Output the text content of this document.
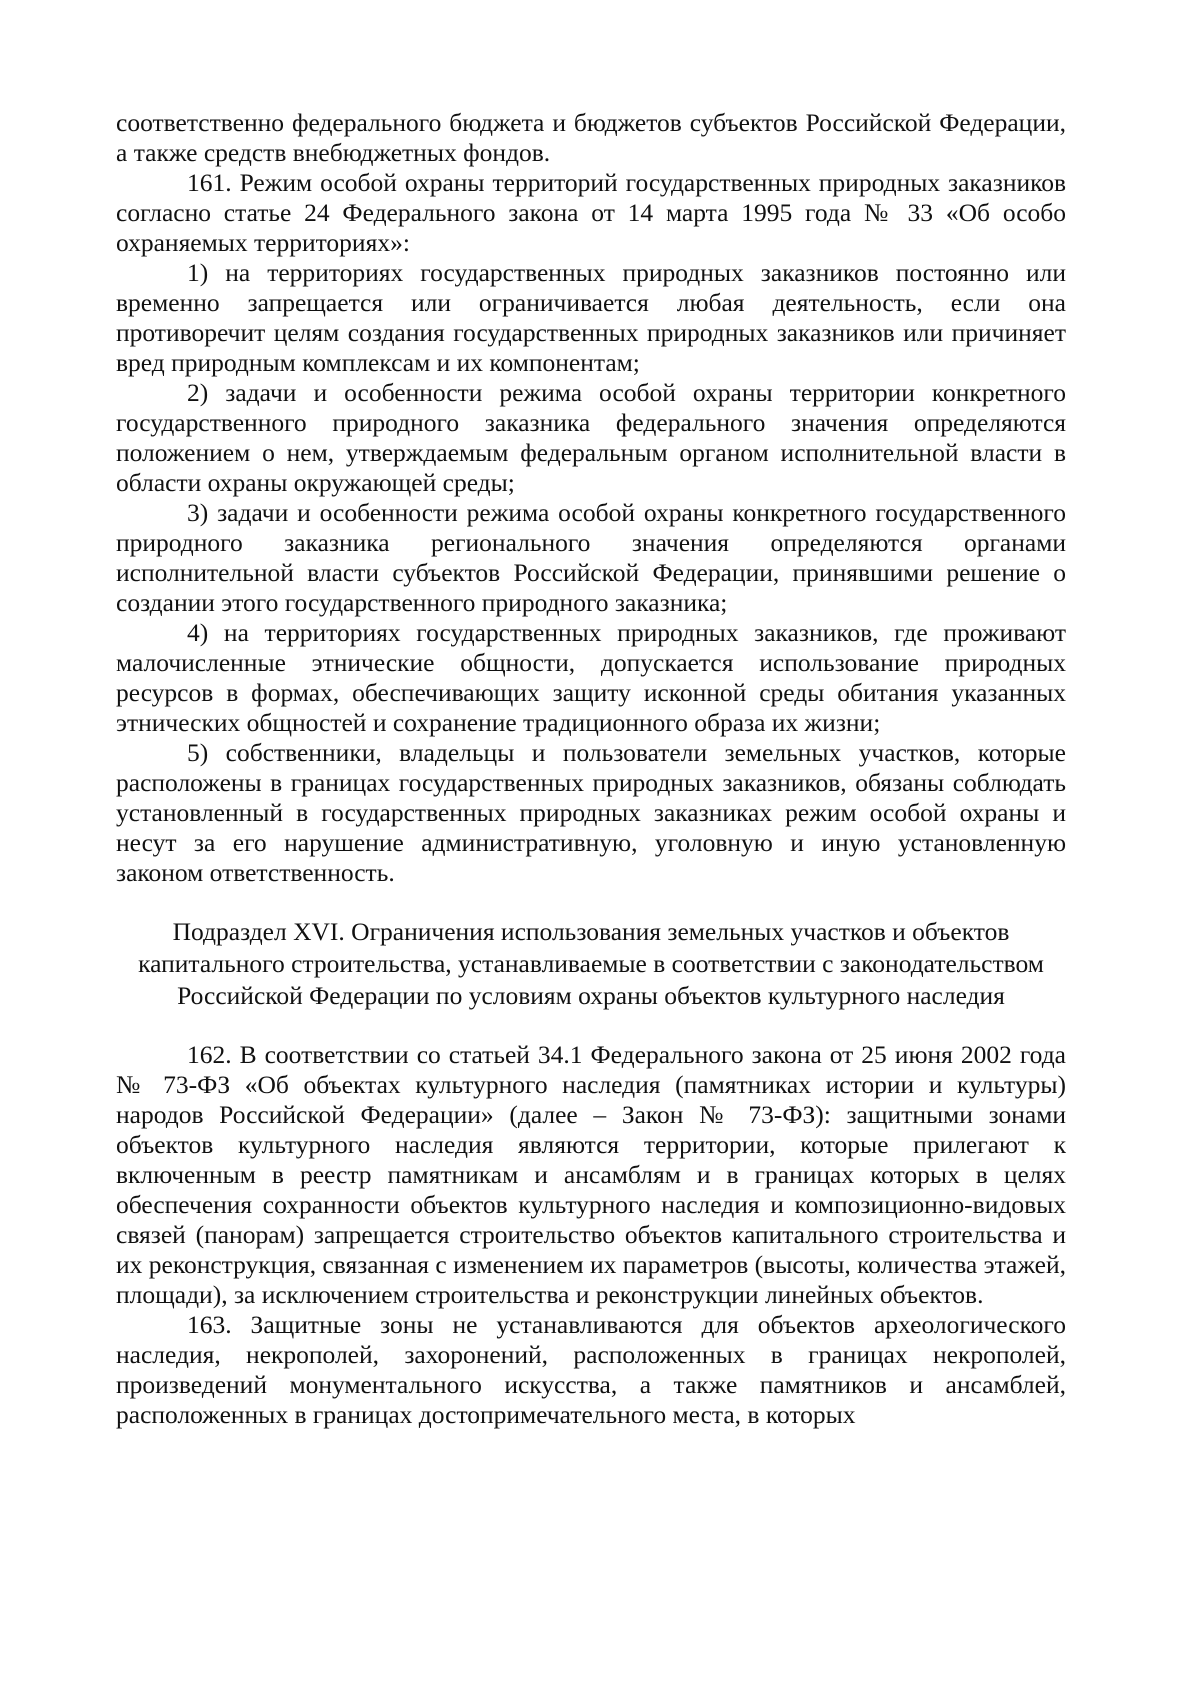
соответственно федерального бюджета и бюджетов субъектов Российской Федерации, а также средств внебюджетных фондов.

161. Режим особой охраны территорий государственных природных заказников согласно статье 24 Федерального закона от 14 марта 1995 года № 33 «Об особо охраняемых территориях»:

1) на территориях государственных природных заказников постоянно или временно запрещается или ограничивается любая деятельность, если она противоречит целям создания государственных природных заказников или причиняет вред природным комплексам и их компонентам;

2) задачи и особенности режима особой охраны территории конкретного государственного природного заказника федерального значения определяются положением о нем, утверждаемым федеральным органом исполнительной власти в области охраны окружающей среды;

3) задачи и особенности режима особой охраны конкретного государственного природного заказника регионального значения определяются органами исполнительной власти субъектов Российской Федерации, принявшими решение о создании этого государственного природного заказника;

4) на территориях государственных природных заказников, где проживают малочисленные этнические общности, допускается использование природных ресурсов в формах, обеспечивающих защиту исконной среды обитания указанных этнических общностей и сохранение традиционного образа их жизни;

5) собственники, владельцы и пользователи земельных участков, которые расположены в границах государственных природных заказников, обязаны соблюдать установленный в государственных природных заказниках режим особой охраны и несут за его нарушение административную, уголовную и иную установленную законом ответственность.

Подраздел XVI. Ограничения использования земельных участков и объектов капитального строительства, устанавливаемые в соответствии с законодательством Российской Федерации по условиям охраны объектов культурного наследия

162. В соответствии со статьей 34.1 Федерального закона от 25 июня 2002 года № 73-ФЗ «Об объектах культурного наследия (памятниках истории и культуры) народов Российской Федерации» (далее – Закон № 73-ФЗ): защитными зонами объектов культурного наследия являются территории, которые прилегают к включенным в реестр памятникам и ансамблям и в границах которых в целях обеспечения сохранности объектов культурного наследия и композиционно-видовых связей (панорам) запрещается строительство объектов капитального строительства и их реконструкция, связанная с изменением их параметров (высоты, количества этажей, площади), за исключением строительства и реконструкции линейных объектов.

163. Защитные зоны не устанавливаются для объектов археологического наследия, некрополей, захоронений, расположенных в границах некрополей, произведений монументального искусства, а также памятников и ансамблей, расположенных в границах достопримечательного места, в которых
